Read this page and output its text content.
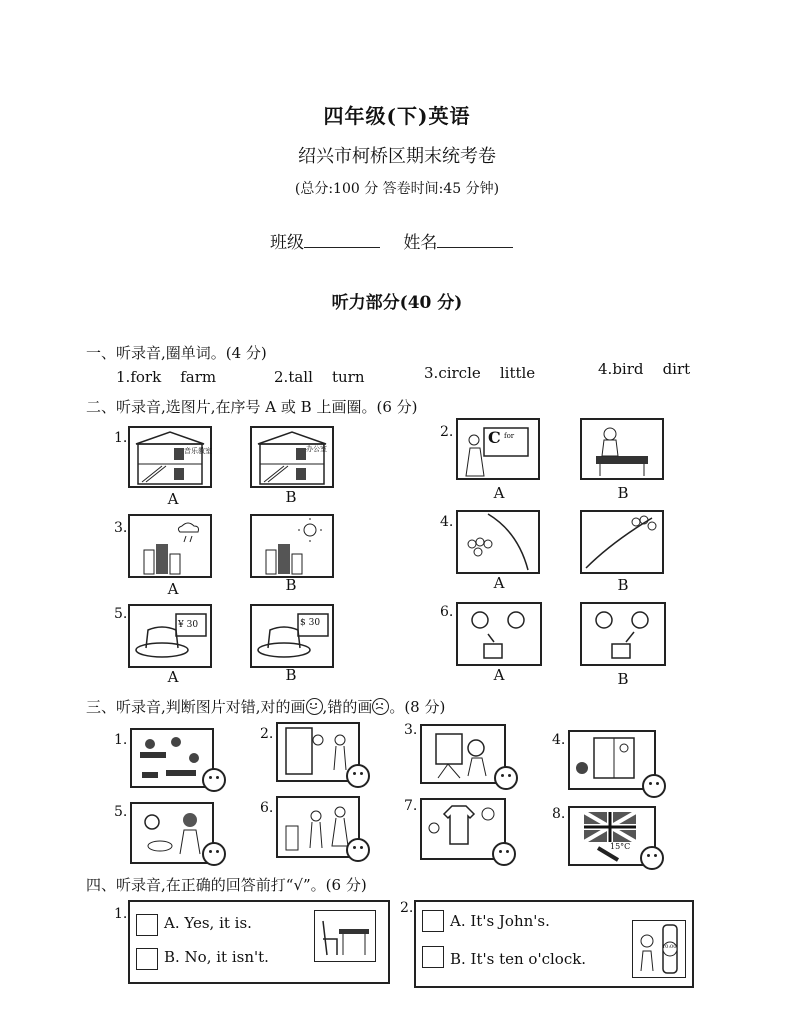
四年级(下)英语
绍兴市柯桥区期末统考卷
(总分:100 分 答卷时间:45 分钟)
班级	姓名
听力部分(40 分)
一、听录音,圈单词。(4 分)
1.fork farm	2.tall turn	3.circle little	4.bird dirt
二、听录音,选图片,在序号 A 或 B 上画圈。(6 分)
1.
音乐教室	办公室
A	B
2. C for
A	B
3.
A	B
4.
A	B
5.
¥ 30	$ 30
A	B
6.
A	B
三、听录音,判断图片对错,对的画 ,错的画 。(8 分)
1.	2.	3.
4.
5.	6.	7.	8.
15°C
四、听录音,在正确的回答前打“√”。(6 分)
1. A. Yes, it is.
B. No, it isn't.
2.
A. It's John's.
B. It's ten o'clock.
10:00
